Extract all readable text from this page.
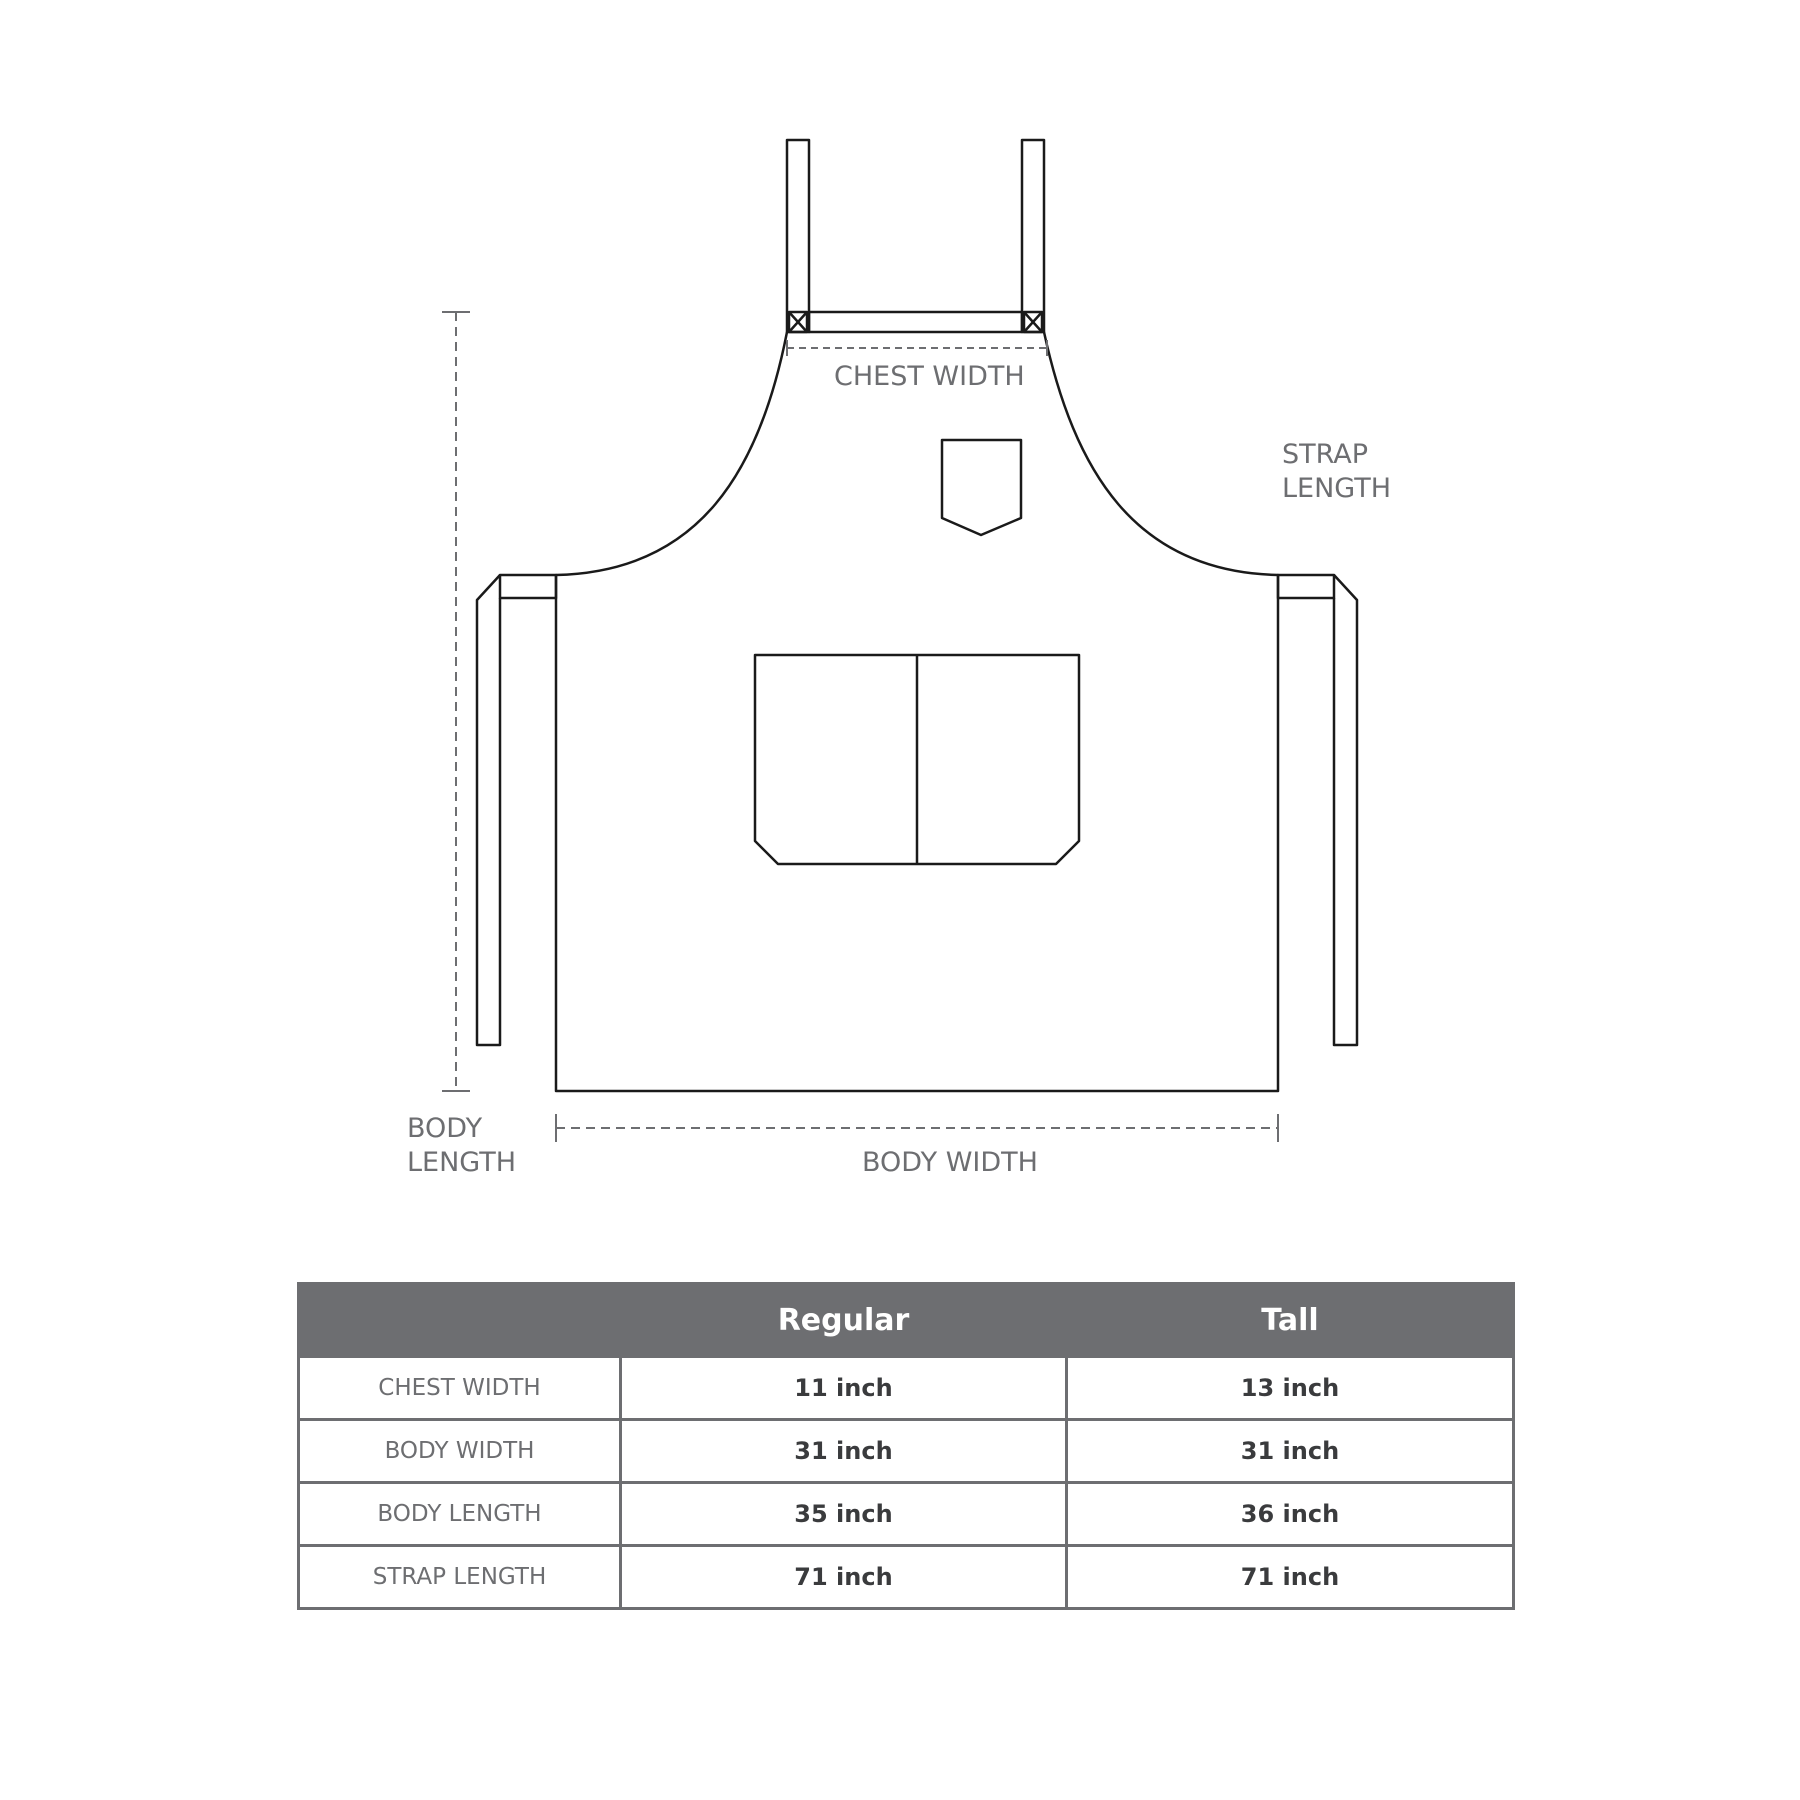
CHEST WIDTH
STRAP
LENGTH
BODY
LENGTH	BODY WIDTH
	Regular	Tall
CHEST WIDTH	11 inch	13 inch
BODY WIDTH	31 inch	31 inch
BODY LENGTH	35 inch	36 inch
STRAP LENGTH	71 inch	71 inch
